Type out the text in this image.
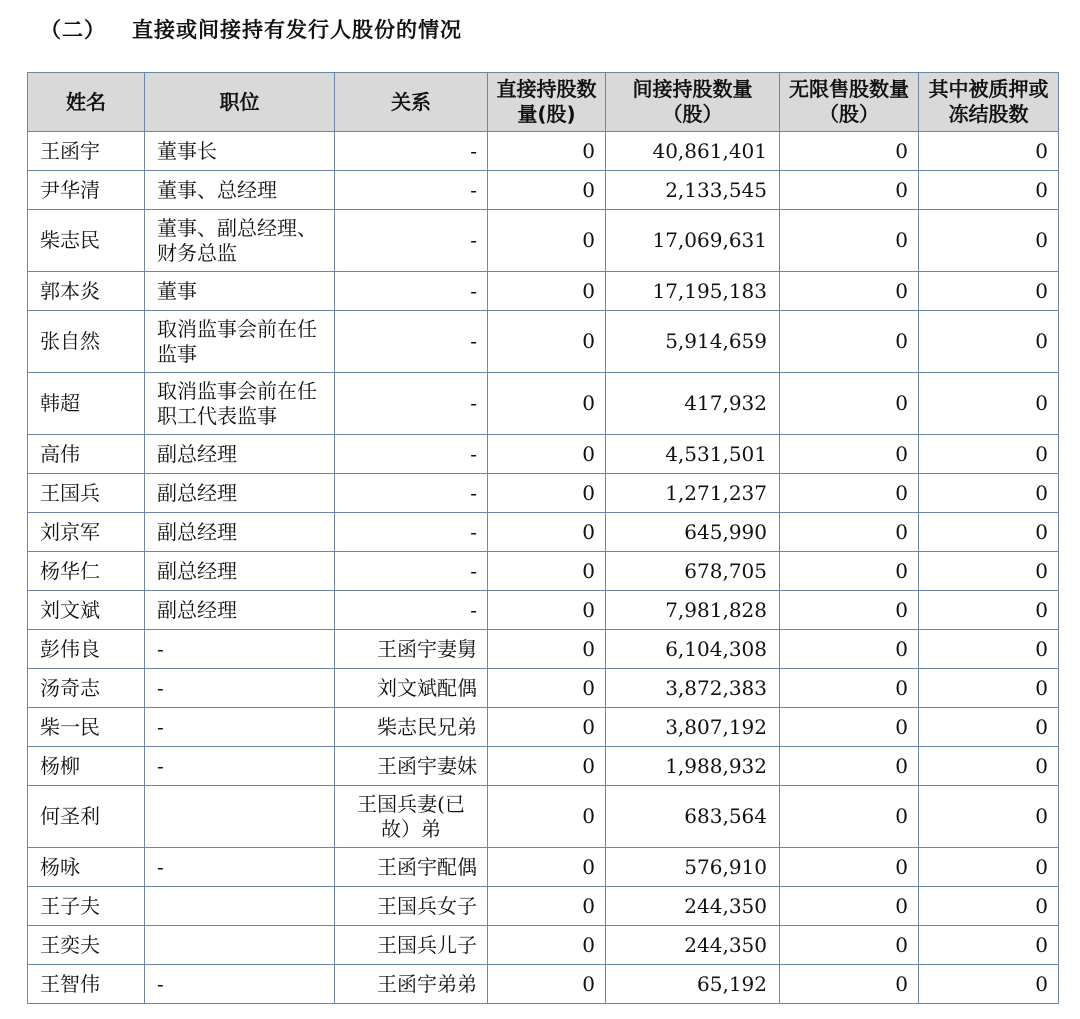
（二） 直接或间接持有发行人股份的情况
姓名	职位	关系	直接持股数量(股)	间接持股数量（股）	无限售股数量（股）	其中被质押或冻结股数
王函宇	董事长	-	0	40,861,401	0	0
尹华清	董事、总经理	-	0	2,133,545	0	0
柴志民	董事、副总经理、财务总监	-	0	17,069,631	0	0
郭本炎	董事	-	0	17,195,183	0	0
张自然	取消监事会前在任监事	-	0	5,914,659	0	0
韩超	取消监事会前在任职工代表监事	-	0	417,932	0	0
高伟	副总经理	-	0	4,531,501	0	0
王国兵	副总经理	-	0	1,271,237	0	0
刘京军	副总经理	-	0	645,990	0	0
杨华仁	副总经理	-	0	678,705	0	0
刘文斌	副总经理	-	0	7,981,828	0	0
彭伟良	-	王函宇妻舅	0	6,104,308	0	0
汤奇志	-	刘文斌配偶	0	3,872,383	0	0
柴一民	-	柴志民兄弟	0	3,807,192	0	0
杨柳	-	王函宇妻妹	0	1,988,932	0	0
何圣利		王国兵妻(已故）弟	0	683,564	0	0
杨咏	-	王函宇配偶	0	576,910	0	0
王子夫		王国兵女子	0	244,350	0	0
王奕夫		王国兵儿子	0	244,350	0	0
王智伟	-	王函宇弟弟	0	65,192	0	0
